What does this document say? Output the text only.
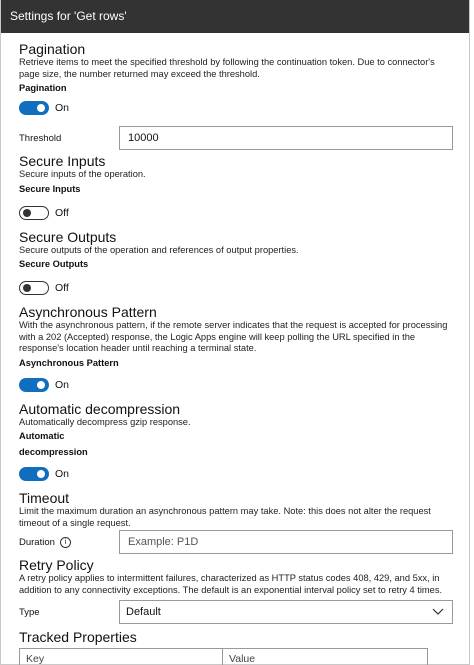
Settings for 'Get rows'
Pagination
Retrieve items to meet the specified threshold by following the continuation token. Due to connector's page size, the number returned may exceed the threshold.
Pagination
On
Threshold	10000
Secure Inputs
Secure inputs of the operation.
Secure Inputs
Off
Secure Outputs
Secure outputs of the operation and references of output properties.
Secure Outputs
Off
Asynchronous Pattern
With the asynchronous pattern, if the remote server indicates that the request is accepted for processing with a 202 (Accepted) response, the Logic Apps engine will keep polling the URL specified in the response's location header until reaching a terminal state.
Asynchronous Pattern
On
Automatic decompression
Automatically decompress gzip response.
Automatic
decompression
On
Timeout
Limit the maximum duration an asynchronous pattern may take. Note: this does not alter the request timeout of a single request.
Duration	i	Example: P1D
Retry Policy
A retry policy applies to intermittent failures, characterized as HTTP status codes 408, 429, and 5xx, in addition to any connectivity exceptions. The default is an exponential interval policy set to retry 4 times.
Type	Default
Tracked Properties
Key	Value
